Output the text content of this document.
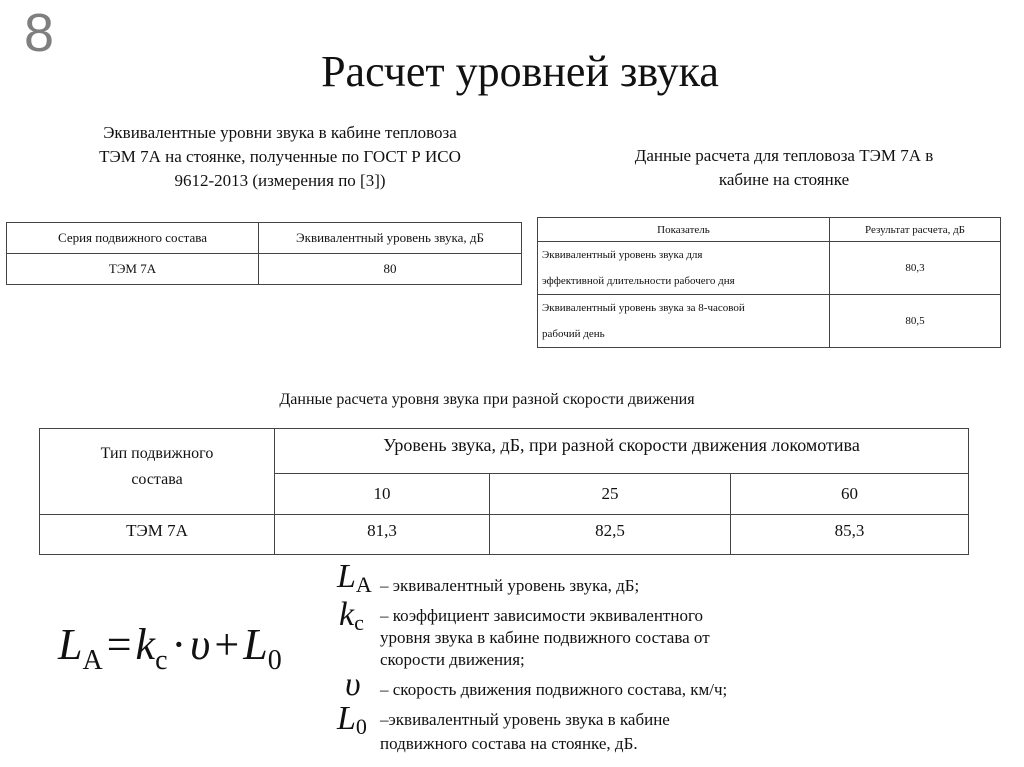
8
Расчет уровней звука
Эквивалентные уровни звука в кабине тепловоза
ТЭМ 7А на стоянке, полученные по ГОСТ Р ИСО
9612-2013 (измерения по [3])
Серия подвижного состава	Эквивалентный уровень звука, дБ
ТЭМ 7А	80
Данные расчета для тепловоза ТЭМ 7А в
кабине на стоянке
Показатель	Результат расчета, дБ

Эквивалентный уровень звука для
эффективной длительности рабочего дня	80,3

Эквивалентный уровень звука за 8-часовой
рабочий день	80,5
Данные расчета уровня звука при разной скорости движения
Тип подвижного
состава	Уровень звука, дБ, при разной скорости движения локомотива		
	10	25	60
ТЭМ 7А	81,3	82,5	85,3
$L_A = k_c \cdot \upsilon + L_0$
$L_A$
$k_c$
υ
$L_0$
– эквивалентный уровень звука, дБ;
– коэффициент зависимости эквивалентного
уровня звука в кабине подвижного состава от
скорости движения;
– скорость движения подвижного состава, км/ч;
–эквивалентный уровень звука в кабине
подвижного состава на стоянке, дБ.
